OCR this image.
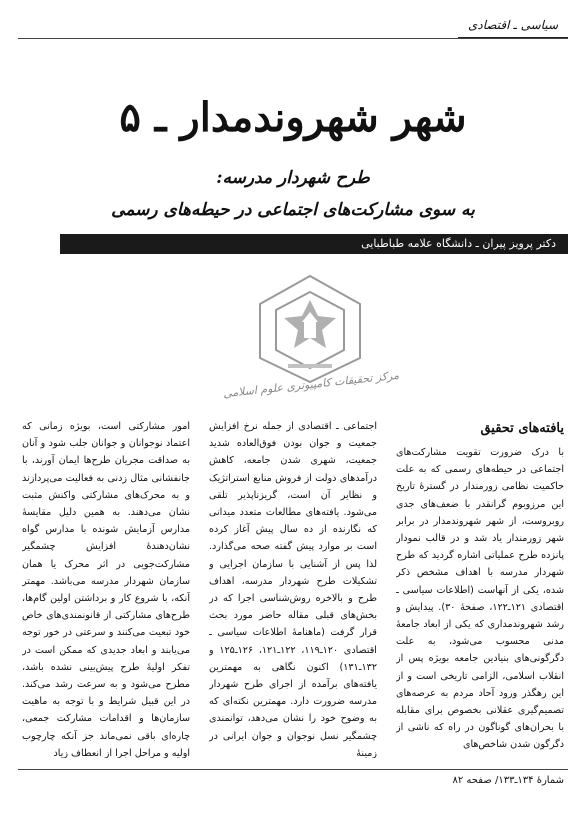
سیاسی ـ اقتصادی
شهر شهروندمدار ـ ۵
طرح شهردار مدرسه:
به سوی مشارکت‌های اجتماعی در حیطه‌های رسمی
دکتر پرویز پیران ـ دانشگاه علامه طباطبایی
مرکز تحقیقات کامپیوتری علوم اسلامی
یافته‌های تحقیق

با درک ضرورت تقویت مشارکت‌های اجتماعی در حیطه‌های رسمی که به علت حاکمیت نظامی زورمندار در گسترهٔ تاریخ این مرزوبوم گرانقدر با ضعف‌های جدی روبروست، از شهر شهروندمدار در برابر شهر زورمندار یاد شد و در قالب نمودار پانزده طرح عملیاتی اشاره گردید که طرح شهردار مدرسه با اهداف مشخص ذکر شده، یکی از آنهاست (اطلاعات سیاسی ـ اقتصادی ۱۲۱ـ۱۲۲، صفحهٔ ۳۰). پیدایش و رشد شهروندمداری که یکی از ابعاد جامعهٔ مدنی محسوب می‌شود، به علت دگرگونی‌های بنیادین جامعه بویژه پس از انقلاب اسلامی، الزامی تاریخی است و از این رهگذر ورود آحاد مردم به عرصه‌های تصمیم‌گیری عقلانی بخصوص برای مقابله با بحران‌های گوناگون در راه که ناشی از دگرگون شدن شاخص‌های

اجتماعی ـ اقتصادی از جمله نرخ افزایش جمعیت و جوان بودن فوق‌العاده شدید جمعیت، شهری شدن جامعه، کاهش درآمدهای دولت از فروش منابع استراتژیک و نظایر آن است، گریزناپذیر تلقی می‌شود. یافته‌های مطالعات متعدد میدانی که نگارنده از ده سال پیش آغاز کرده است بر موارد پیش گفته صحه می‌گذارد. لذا پس از آشنایی با سازمان اجرایی و تشکیلات طرح شهردار مدرسه، اهداف طرح و بالاخره روش‌شناسی اجرا که در بخش‌های قبلی مقاله حاضر مورد بحث قرار گرفت (ماهنامهٔ اطلاعات سیاسی ـ اقتصادی ۱۲۰ـ۱۱۹، ۱۲۲ـ۱۲۱، ۱۲۶ـ۱۲۵ و ۱۳۲ـ۱۳۱) اکنون نگاهی به مهمترین یافته‌های برآمده از اجرای طرح شهردار مدرسه ضرورت دارد. مهمترین نکته‌ای که به وضوح خود را نشان می‌دهد، توانمندی چشمگیر نسل نوجوان و جوان ایرانی در زمینهٔ

امور مشارکتی است، بویژه زمانی که اعتماد نوجوانان و جوانان جلب شود و آنان به صداقت مجریان طرح‌ها ایمان آورند، با جانفشانی مثال زدنی به فعالیت می‌پردازند و به محرک‌های مشارکتی واکنش مثبت نشان می‌دهند. به همین دلیل مقایسهٔ مدارس آزمایش شونده با مدارس گواه نشان‌دهندهٔ افزایش چشمگیر مشارکت‌جویی در اثر محرک یا همان سازمان شهردار مدرسه می‌باشد. مهمتر آنکه، با شروع کار و برداشتن اولین گام‌ها، طرح‌های مشارکتی از قانونمندی‌های خاص خود تبعیت می‌کنند و سرعتی در خور توجه می‌یابند و ابعاد جدیدی که ممکن است در تفکر اولیهٔ طرح پیش‌بینی نشده باشد، مطرح می‌شود و به سرعت رشد می‌کند. در این قبیل شرایط و با توجه به ماهیت سازمان‌ها و اقدامات مشارکت جمعی، چاره‌ای باقی نمی‌ماند جز آنکه چارچوب اولیه و مراحل اجرا از انعطاف زیاد

شمارهٔ ۱۳۴ـ۱۳۳/ صفحه ۸۲
